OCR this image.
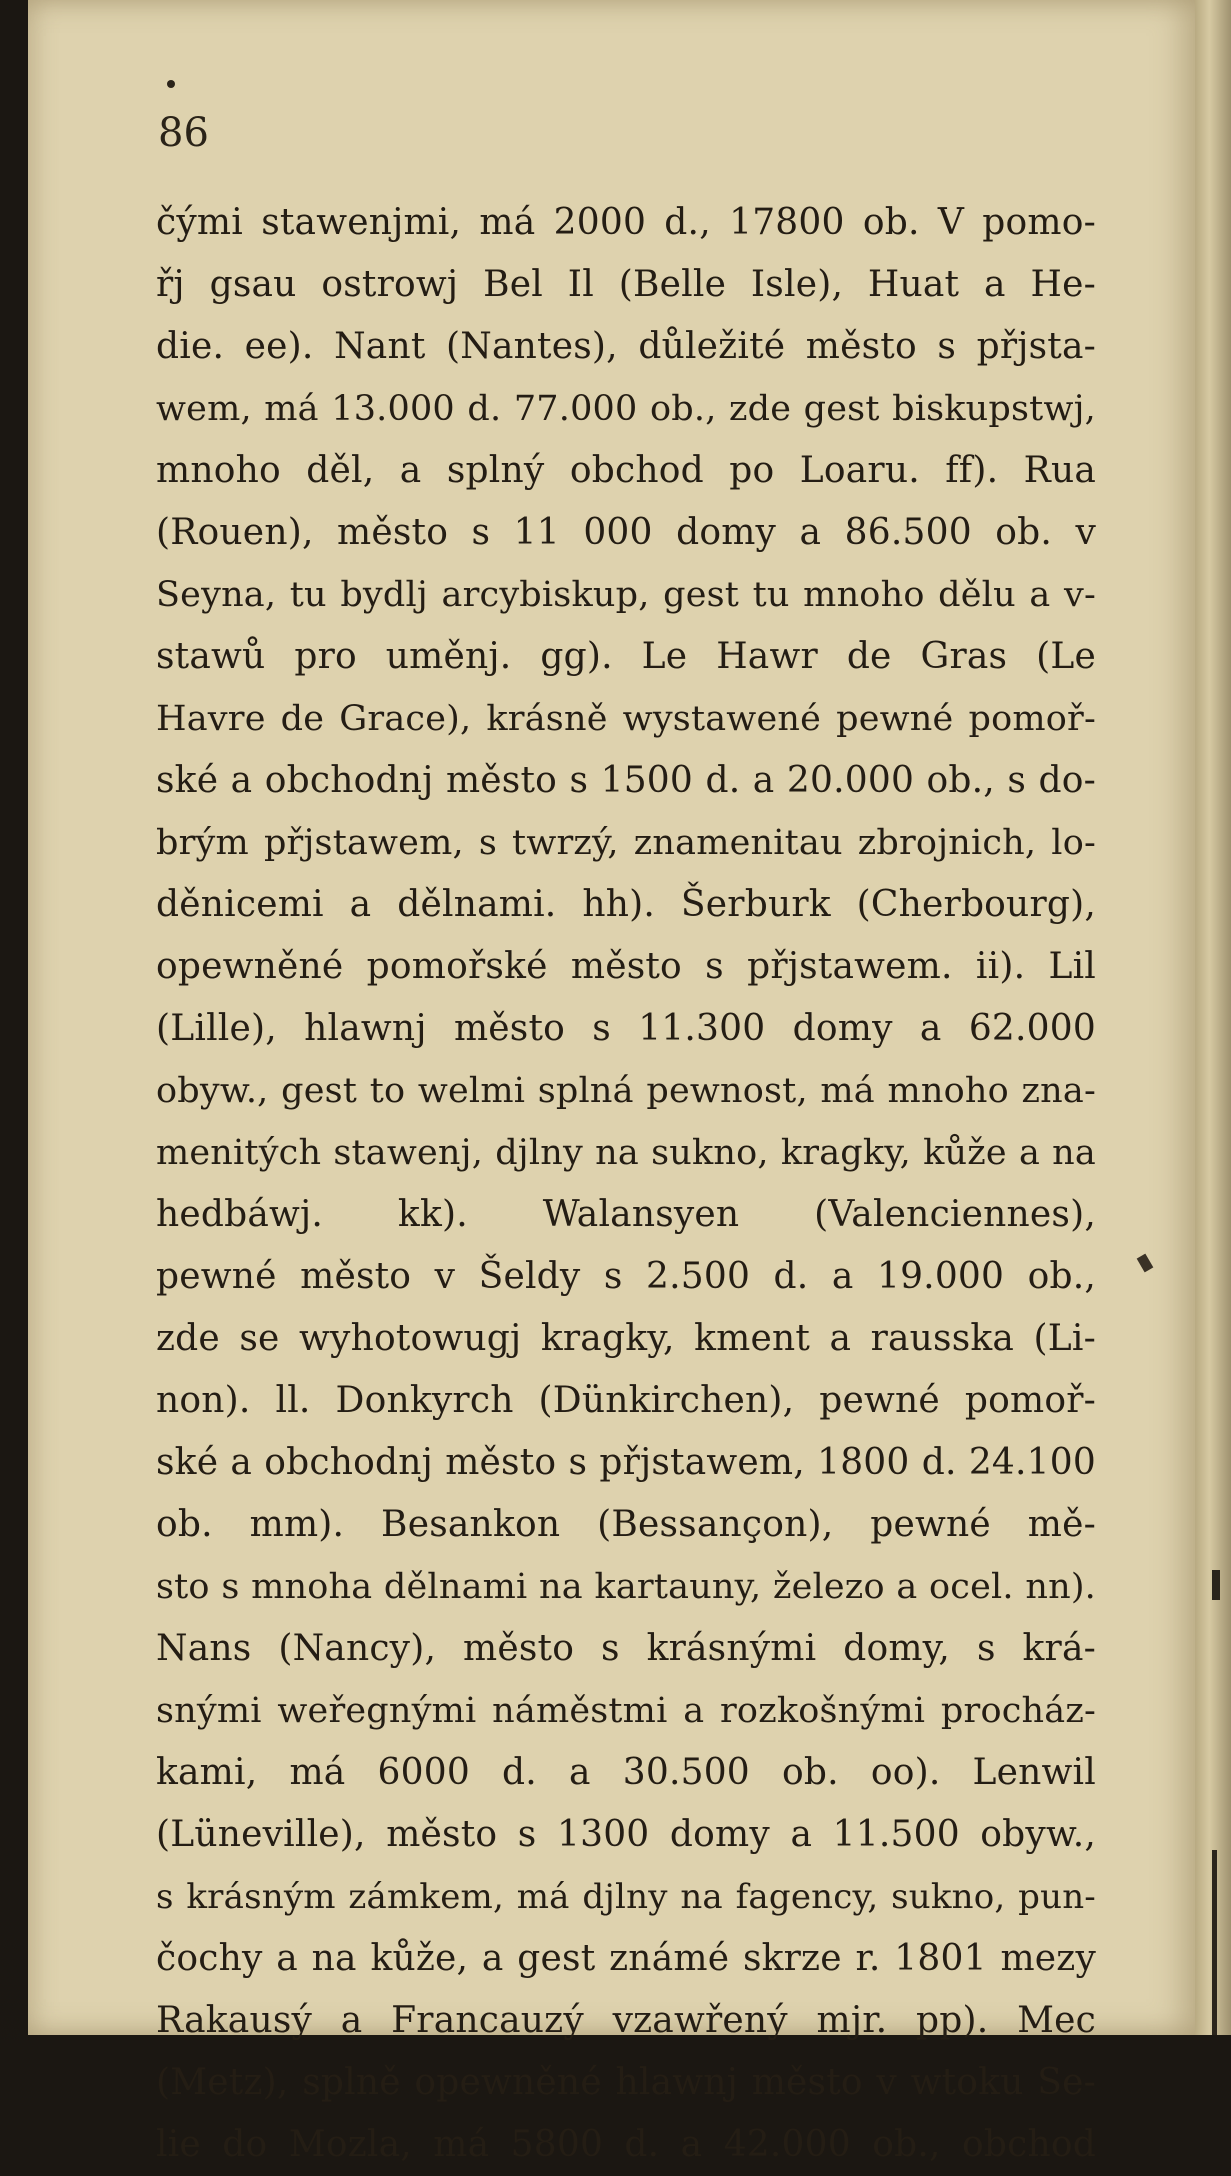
86
čými stawenjmi, má 2000 d., 17800 ob. V pomo-
řj gsau ostrowj Bel Il (Belle Isle), Huat a He-
die. ee). Nant (Nantes), důležité město s přjsta-
wem, má 13.000 d. 77.000 ob., zde gest biskupstwj,
mnoho děl, a splný obchod po Loaru. ff). Rua
(Rouen), město s 11 000 domy a 86.500 ob. v
Seyna, tu bydlj arcybiskup, gest tu mnoho dělu a v-
stawů pro uměnj. gg). Le Hawr de Gras (Le
Havre de Grace), krásně wystawené pewné pomoř-
ské a obchodnj město s 1500 d. a 20.000 ob., s do-
brým přjstawem, s twrzý, znamenitau zbrojnich, lo-
děnicemi a dělnami. hh). Šerburk (Cherbourg),
opewněné pomořské město s přjstawem. ii). Lil
(Lille), hlawnj město s 11.300 domy a 62.000
obyw., gest to welmi splná pewnost, má mnoho zna-
menitých stawenj, djlny na sukno, kragky, kůže a na
hedbáwj. kk). Walansyen (Valenciennes),
pewné město v Šeldy s 2.500 d. a 19.000 ob.,
zde se wyhotowugj kragky, kment a rausska (Li-
non). ll. Donkyrch (Dünkirchen), pewné pomoř-
ské a obchodnj město s přjstawem, 1800 d. 24.100
ob. mm). Besankon (Bessançon), pewné mě-
sto s mnoha dělnami na kartauny, železo a ocel. nn).
Nans (Nancy), město s krásnými domy, s krá-
snými weřegnými náměstmi a rozkošnými procház-
kami, má 6000 d. a 30.500 ob. oo). Lenwil
(Lüneville), město s 1300 domy a 11.500 obyw.,
s krásným zámkem, má djlny na fagency, sukno, pun-
čochy a na kůže, a gest známé skrze r. 1801 mezy
Rakausý a Francauzý vzawřený mjr. pp). Mec
(Metz), splně opewněné hlawnj město v wtoku Se-
lie do Mozla, má 5800 d. a 42.000 ob., obchod
